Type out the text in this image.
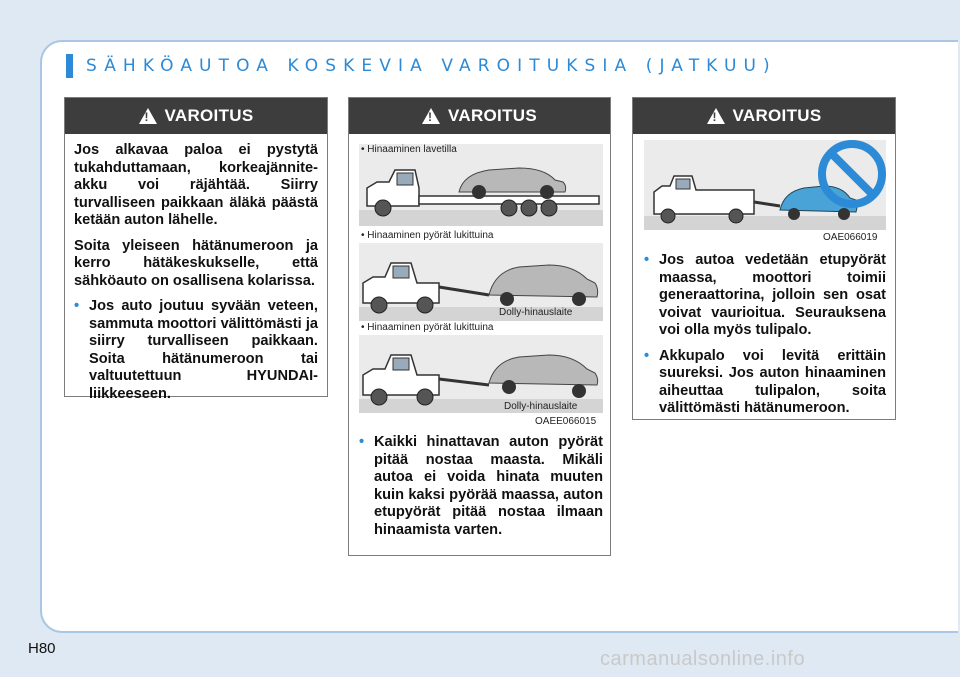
SÄHKÖAUTOA KOSKEVIA VAROITUKSIA (JATKUU)
!
VAROITUS

Jos alkavaa paloa ei pystytä tukahduttamaan, korkeajänniteakku voi räjähtää. Siirry turvalliseen paikkaan äläkä päästä ketään auton lähelle.

Soita yleiseen hätänumeroon ja kerro hätäkeskukselle, että sähköauto on osallisena kolarissa.

• Jos auto joutuu syvään veteen, sammuta moottori välittömästi ja siirry turvalliseen paikkaan. Soita hätänumeroon tai valtuutettuun HYUNDAI-liikkeeseen.
!
VAROITUS
• Hinaaminen lavetilla
• Hinaaminen pyörät lukittuina
Dolly-hinauslaite
• Hinaaminen pyörät lukittuina
Dolly-hinauslaite
OAEE066015
• Kaikki hinattavan auton pyörät pitää nostaa maasta. Mikäli autoa ei voida hinata muuten kuin kaksi pyörää maassa, auton etupyörät pitää nostaa ilmaan hinaamista varten.
!
VAROITUS
OAE066019
• Jos autoa vedetään etupyörät maassa, moottori toimii generaattorina, jolloin sen osat voivat vaurioitua. Seurauksena voi olla myös tulipalo.
• Akkupalo voi levitä erittäin suureksi. Jos auton hinaaminen aiheuttaa tulipalon, soita välittömästi hätänumeroon.
H80	carmanualsonline.info
